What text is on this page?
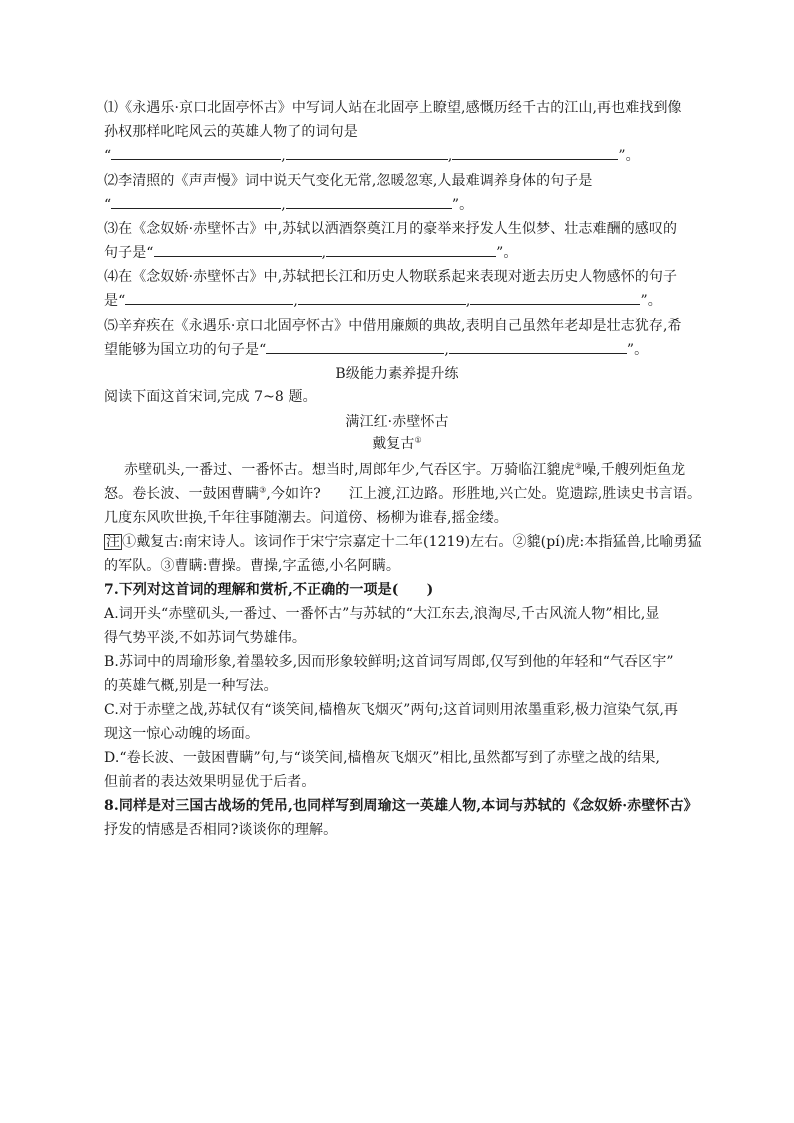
⑴《永遇乐·京口北固亭怀古》中写词人站在北固亭上瞭望,感慨历经千古的江山,再也难找到像
孙权那样叱咤风云的英雄人物了的词句是
“	,	,	”。
⑵李清照的《声声慢》词中说天气变化无常,忽暖忽寒,人最难调养身体的句子是
“	,	”。
⑶在《念奴娇·赤壁怀古》中,苏轼以洒酒祭奠江月的豪举来抒发人生似梦、壮志难酬的感叹的
句子是“	,	”。
⑷在《念奴娇·赤壁怀古》中,苏轼把长江和历史人物联系起来表现对逝去历史人物感怀的句子
是“	,	,	”。
⑸辛弃疾在《永遇乐·京口北固亭怀古》中借用廉颇的典故,表明自己虽然年老却是壮志犹存,希
望能够为国立功的句子是“	,	”。
B级能力素养提升练
阅读下面这首宋词,完成 7~8 题。
满江红·赤壁怀古
戴复古①
赤壁矶头,一番过、一番怀古。想当时,周郎年少,气吞区宇。万骑临江貔虎②噪,千艘列炬鱼龙
怒。卷长波、一鼓困曹瞒③,今如许?　　江上渡,江边路。形胜地,兴亡处。览遗踪,胜读史书言语。
几度东风吹世换,千年往事随潮去。问道傍、杨柳为谁春,摇金缕。
注 ①戴复古:南宋诗人。该词作于宋宁宗嘉定十二年(1219)左右。②貔(pí)虎:本指猛兽,比喻勇猛
的军队。③曹瞒:曹操。曹操,字孟德,小名阿瞒。
7.下列对这首词的理解和赏析,不正确的一项是(　　)
A.词开头“赤壁矶头,一番过、一番怀古”与苏轼的“大江东去,浪淘尽,千古风流人物”相比,显
得气势平淡,不如苏词气势雄伟。
B.苏词中的周瑜形象,着墨较多,因而形象较鲜明;这首词写周郎,仅写到他的年轻和“气吞区宇”
的英雄气概,别是一种写法。
C.对于赤壁之战,苏轼仅有“谈笑间,樯橹灰飞烟灭”两句;这首词则用浓墨重彩,极力渲染气氛,再
现这一惊心动魄的场面。
D.“卷长波、一鼓困曹瞒”句,与“谈笑间,樯橹灰飞烟灭”相比,虽然都写到了赤壁之战的结果,
但前者的表达效果明显优于后者。
8.同样是对三国古战场的凭吊,也同样写到周瑜这一英雄人物,本词与苏轼的《念奴娇·赤壁怀古》
抒发的情感是否相同?谈谈你的理解。
